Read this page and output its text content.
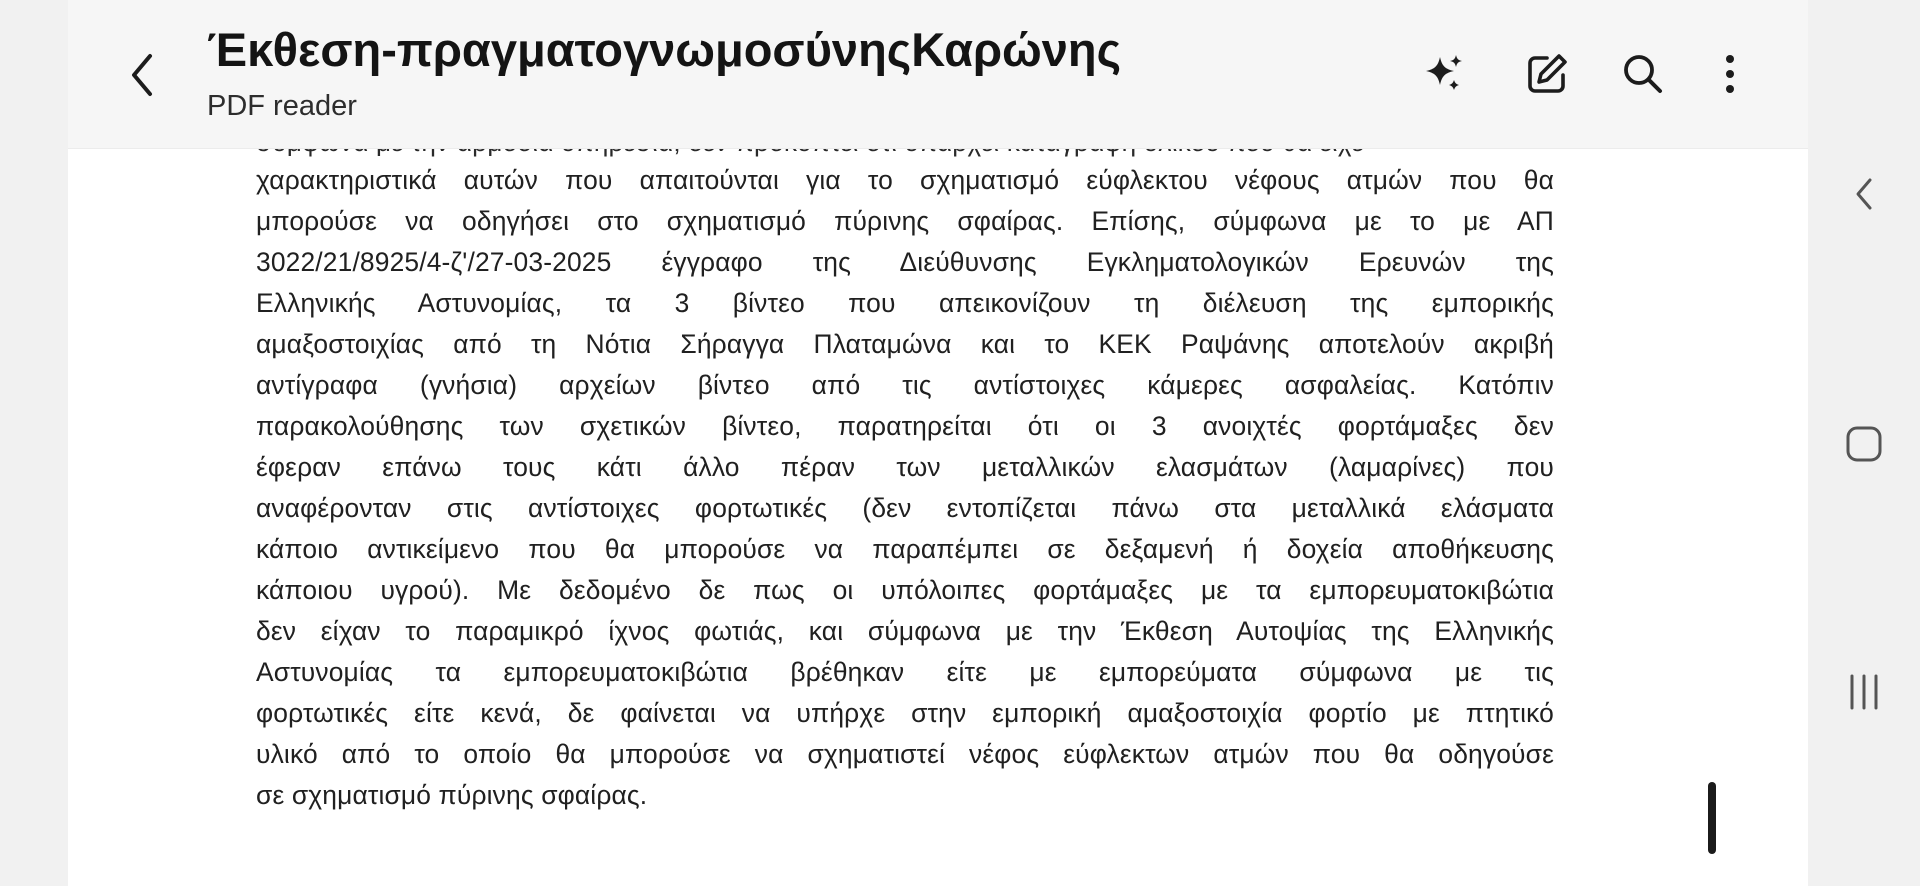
χαρακτηριστικά αυτών που απαιτούνται για το σχηματισμό εύφλεκτου νέφους ατμών που θα
μπορούσε να οδηγήσει στο σχηματισμό πύρινης σφαίρας. Επίσης, σύμφωνα με το με ΑΠ
3022/21/8925/4-ζ'/27-03-2025 έγγραφο της Διεύθυνσης Εγκληματολογικών Ερευνών της
Ελληνικής Αστυνομίας, τα 3 βίντεο που απεικονίζουν τη διέλευση της εμπορικής
αμαξοστοιχίας από τη Νότια Σήραγγα Πλαταμώνα και το ΚΕΚ Ραψάνης αποτελούν ακριβή
αντίγραφα (γνήσια) αρχείων βίντεο από τις αντίστοιχες κάμερες ασφαλείας. Κατόπιν
παρακολούθησης των σχετικών βίντεο, παρατηρείται ότι οι 3 ανοιχτές φορτάμαξες δεν
έφεραν επάνω τους κάτι άλλο πέραν των μεταλλικών ελασμάτων (λαμαρίνες) που
αναφέρονταν στις αντίστοιχες φορτωτικές (δεν εντοπίζεται πάνω στα μεταλλικά ελάσματα
κάποιο αντικείμενο που θα μπορούσε να παραπέμπει σε δεξαμενή ή δοχεία αποθήκευσης
κάποιου υγρού). Με δεδομένο δε πως οι υπόλοιπες φορτάμαξες με τα εμπορευματοκιβώτια
δεν είχαν το παραμικρό ίχνος φωτιάς, και σύμφωνα με την Έκθεση Αυτοψίας της Ελληνικής
Αστυνομίας τα εμπορευματοκιβώτια βρέθηκαν είτε με εμπορεύματα σύμφωνα με τις
φορτωτικές είτε κενά, δε φαίνεται να υπήρχε στην εμπορική αμαξοστοιχία φορτίο με πτητικό
υλικό από το οποίο θα μπορούσε να σχηματιστεί νέφος εύφλεκτων ατμών που θα οδηγούσε
σε σχηματισμό πύρινης σφαίρας.
Έκθεση-πραγματογνωμοσύνηςΚαρώνης
PDF reader
